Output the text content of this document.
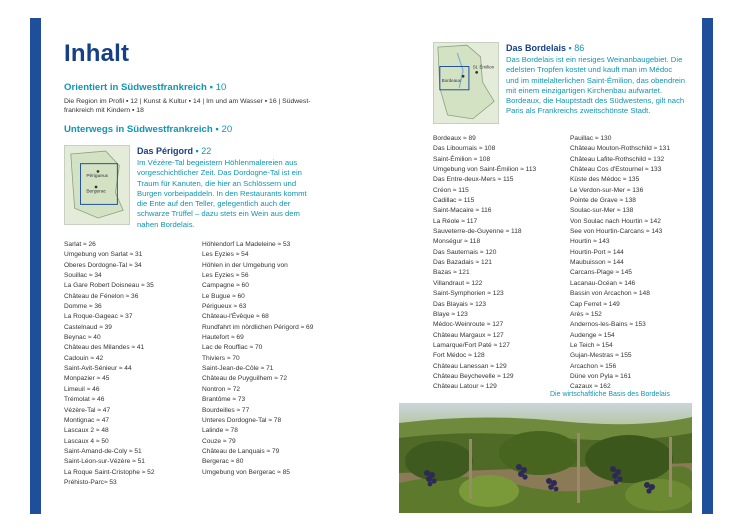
Inhalt
Orientiert in Südwestfrankreich ▪ 10

Die Region im Profil ▪ 12 | Kunst & Kultur ▪ 14 | Im und am Wasser ▪ 16 | Südwestfrankreich mit Kindern ▪ 18

Unterwegs in Südwestfrankreich ▪ 20
Périgueux
Bergerac
Das Périgord ▪ 22

Im Vézère-Tal begeistern Höhlenmalereien aus vorgeschichtlicher Zeit. Das Dordogne-Tal ist ein Traum für Kanuten, die hier an Schlössern und Burgen vorbeipaddeln. In den Restaurants kommt die Ente auf den Teller, gelegentlich auch der schwarze Trüffel – dazu stets ein Wein aus dem nahen Bordelais.

Sarlat ≈ 26
Umgebung von Sarlat ≈ 31
Oberes Dordogne-Tal ≈ 34
Souillac ≈ 34
La Gare Robert Doisneau ≈ 35
Château de Fénelon ≈ 36
Domme ≈ 36
La Roque-Gageac ≈ 37
Castelnaud ≈ 39
Beynac ≈ 40
Château des Milandes ≈ 41
Cadouin ≈ 42
Saint-Avit-Sénieur ≈ 44
Monpazier ≈ 45
Limeuil ≈ 46
Trémolat ≈ 46
Vézère-Tal ≈ 47
Montignac ≈ 47
Lascaux 2 ≈ 48
Lascaux 4 ≈ 50
Saint-Amand-de-Coly ≈ 51
Saint-Léon-sur-Vézère ≈ 51
La Roque Saint-Cristophe ≈ 52
Préhisto-Parc≈ 53
Höhlendorf La Madeleine ≈ 53
Les Eyzies ≈ 54
Höhlen in der Umgebung von
Les Eyzies ≈ 56
Campagne ≈ 60
Le Bugue ≈ 60
Périgueux ≈ 63
Château-l'Évêque ≈ 68
Rundfahrt im nördlichen Périgord ≈ 69
Hautefort ≈ 69
Lac de Rouffiac ≈ 70
Thiviers ≈ 70
Saint-Jean-de-Côle ≈ 71
Château de Puyguilhem ≈ 72
Nontron ≈ 72
Brantôme ≈ 73
Bourdeilles ≈ 77
Unteres Dordogne-Tal ≈ 78
Lalinde ≈ 78
Couze ≈ 79
Château de Lanquais ≈ 79
Bergerac ≈ 80
Umgebung von Bergerac ≈ 85
Bordeaux
St. Émilion
Das Bordelais ▪ 86

Das Bordelais ist ein riesiges Weinanbaugebiet. Die edelsten Tropfen kostet und kauft man im Médoc und im mittelalterlichen Saint-Émilion, das obendrein mit einem einzigartigen Kirchenbau aufwartet. Bordeaux, die Hauptstadt des Südwestens, gilt nach Paris als Frankreichs zweitschönste Stadt.

Bordeaux ≈ 89
Das Libournais ≈ 108
Saint-Émilion ≈ 108
Umgebung von Saint-Émilion ≈ 113
Das Entre-deux-Mers ≈ 115
Créon ≈ 115
Cadillac ≈ 115
Saint-Macaire ≈ 116
La Réole ≈ 117
Sauveterre-de-Guyenne ≈ 118
Monségur ≈ 118
Das Sauternais ≈ 120
Das Bazadais ≈ 121
Bazas ≈ 121
Villandraut ≈ 122
Saint-Symphorien ≈ 123
Das Blayais ≈ 123
Blaye ≈ 123
Médoc-Weinroute ≈ 127
Château Margaux ≈ 127
Lamarque/Fort Paté ≈ 127
Fort Médoc ≈ 128
Château Lanessan ≈ 129
Château Beychevelle ≈ 129
Château Latour ≈ 129
Pauillac ≈ 130
Château Mouton-Rothschild ≈ 131
Château Lafite-Rothschild ≈ 132
Château Cos d'Estournel ≈ 133
Küste des Médoc ≈ 135
Le Verdon-sur-Mer ≈ 136
Pointe de Grave ≈ 138
Soulac-sur-Mer ≈ 138
Von Soulac nach Hourtin ≈ 142
See von Hourtin-Carcans ≈ 143
Hourtin ≈ 143
Hourtin-Port ≈ 144
Maubuisson ≈ 144
Carcans-Plage ≈ 145
Lacanau-Océan ≈ 146
Bassin von Arcachon ≈ 148
Cap Ferret ≈ 149
Arès ≈ 152
Andernos-les-Bains ≈ 153
Audenge ≈ 154
Le Teich ≈ 154
Gujan-Mestras ≈ 155
Arcachon ≈ 156
Düne von Pyla ≈ 161
Cazaux ≈ 162
Die wirtschaftliche Basis des Bordelais
